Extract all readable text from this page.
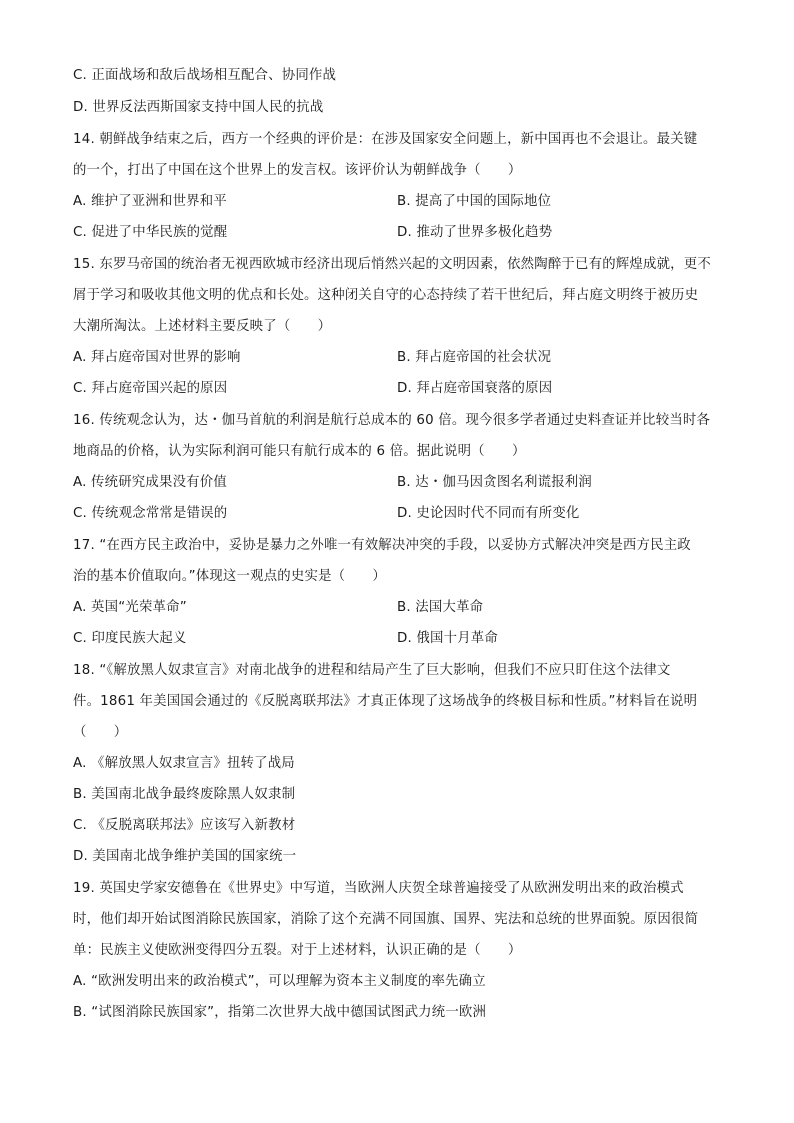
C. 正面战场和敌后战场相互配合、协同作战
D. 世界反法西斯国家支持中国人民的抗战
14. 朝鲜战争结束之后，西方一个经典的评价是：在涉及国家安全问题上，新中国再也不会退让。最关键
的一个，打出了中国在这个世界上的发言权。该评价认为朝鲜战争（　　）
A. 维护了亚洲和世界和平	B. 提高了中国的国际地位
C. 促进了中华民族的觉醒	D. 推动了世界多极化趋势
15. 东罗马帝国的统治者无视西欧城市经济出现后悄然兴起的文明因素，依然陶醉于已有的辉煌成就，更不
屑于学习和吸收其他文明的优点和长处。这种闭关自守的心态持续了若干世纪后，拜占庭文明终于被历史
大潮所淘汰。上述材料主要反映了（　　）
A. 拜占庭帝国对世界的影响	B. 拜占庭帝国的社会状况
C. 拜占庭帝国兴起的原因	D. 拜占庭帝国衰落的原因
16. 传统观念认为，达・伽马首航的利润是航行总成本的 60 倍。现今很多学者通过史料查证并比较当时各
地商品的价格，认为实际利润可能只有航行成本的 6 倍。据此说明（　　）
A. 传统研究成果没有价值	B. 达・伽马因贪图名利谎报利润
C. 传统观念常常是错误的	D. 史论因时代不同而有所变化
17. “在西方民主政治中，妥协是暴力之外唯一有效解决冲突的手段，以妥协方式解决冲突是西方民主政
治的基本价值取向。”体现这一观点的史实是（　　）
A. 英国“光荣革命”	B. 法国大革命
C. 印度民族大起义	D. 俄国十月革命
18. “《解放黑人奴隶宣言》对南北战争的进程和结局产生了巨大影响，但我们不应只盯住这个法律文
件。1861 年美国国会通过的《反脱离联邦法》才真正体现了这场战争的终极目标和性质。”材料旨在说明
（　　）
A. 《解放黑人奴隶宣言》扭转了战局
B. 美国南北战争最终废除黑人奴隶制
C. 《反脱离联邦法》应该写入新教材
D. 美国南北战争维护美国的国家统一
19. 英国史学家安德鲁在《世界史》中写道，当欧洲人庆贺全球普遍接受了从欧洲发明出来的政治模式
时，他们却开始试图消除民族国家，消除了这个充满不同国旗、国界、宪法和总统的世界面貌。原因很简
单：民族主义使欧洲变得四分五裂。对于上述材料，认识正确的是（　　）
A. “欧洲发明出来的政治模式”，可以理解为资本主义制度的率先确立
B. “试图消除民族国家”，指第二次世界大战中德国试图武力统一欧洲
